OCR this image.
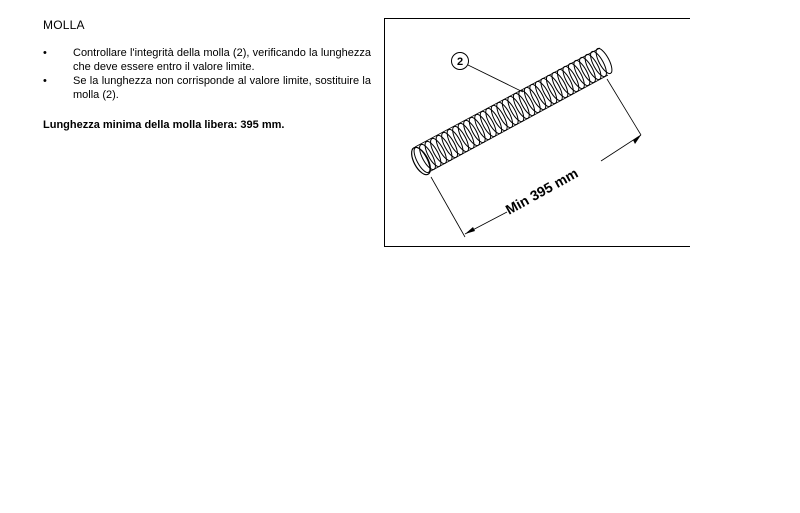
MOLLA
• Controllare l'integrità della molla (2), verificando la lunghezza che deve essere entro il valore limite.
• Se la lunghezza non corrisponde al valore limite, sostituire la molla (2).
Lunghezza minima della molla libera: 395 mm.
2
Min 395 mm
